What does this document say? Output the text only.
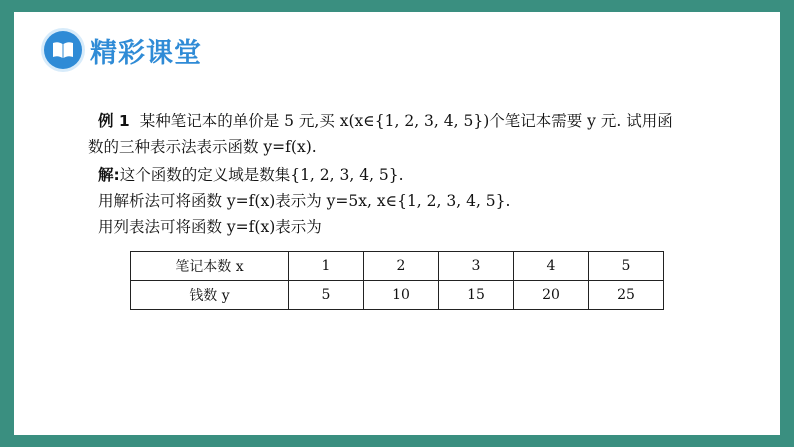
精彩课堂
例 1 某种笔记本的单价是 5 元,买 x(x∈{1, 2, 3, 4, 5})个笔记本需要 y 元. 试用函
数的三种表示法表示函数 y=f(x).
解:这个函数的定义域是数集{1, 2, 3, 4, 5}.
用解析法可将函数 y=f(x)表示为 y=5x, x∈{1, 2, 3, 4, 5}.
用列表法可将函数 y=f(x)表示为
笔记本数 x	1	2	3	4	5
钱数 y	5	10	15	20	25
